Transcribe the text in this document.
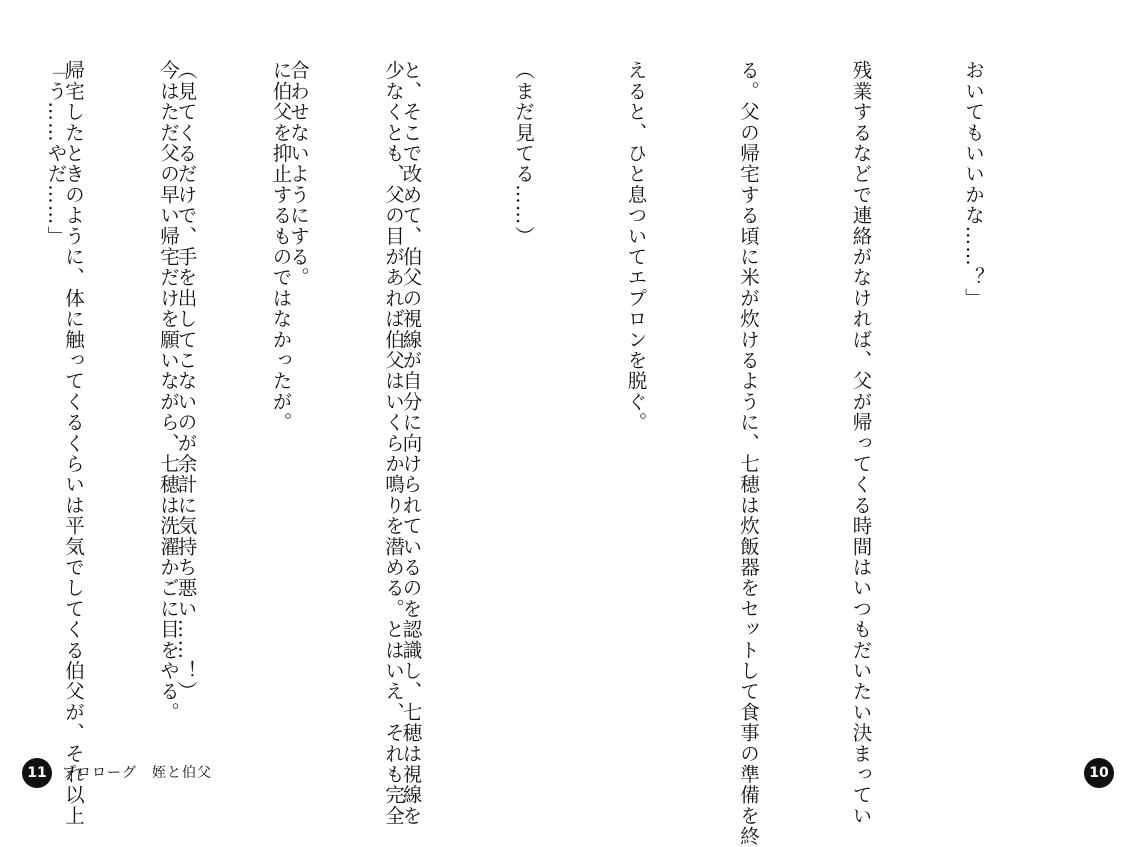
少なくとも、父の目があれば伯父はいくらか鳴りを潜める。とはいえ、それも完全

に伯父を抑止するものではなかったが。

今はただ父の早い帰宅だけを願いながら、七穂は洗濯かごに目をやる。

「う……やだ……」

11	プロローグ　姪と伯父

おいてもいいかな……？」

残業するなどで連絡がなければ、父が帰ってくる時間はいつもだいたい決まってい

る。父の帰宅する頃に米が炊けるように、七穂は炊飯器をセットして食事の準備を終

えると、ひと息ついてエプロンを脱ぐ。

（まだ見てる……）

と、そこで改めて、伯父の視線が自分に向けられているのを認識し、七穂は視線を

合わせないようにする。

（見てくるだけで、手を出してこないのが余計に気持ち悪い……！）

帰宅したときのように、体に触ってくるくらいは平気でしてくる伯父が、それ以上

	10
